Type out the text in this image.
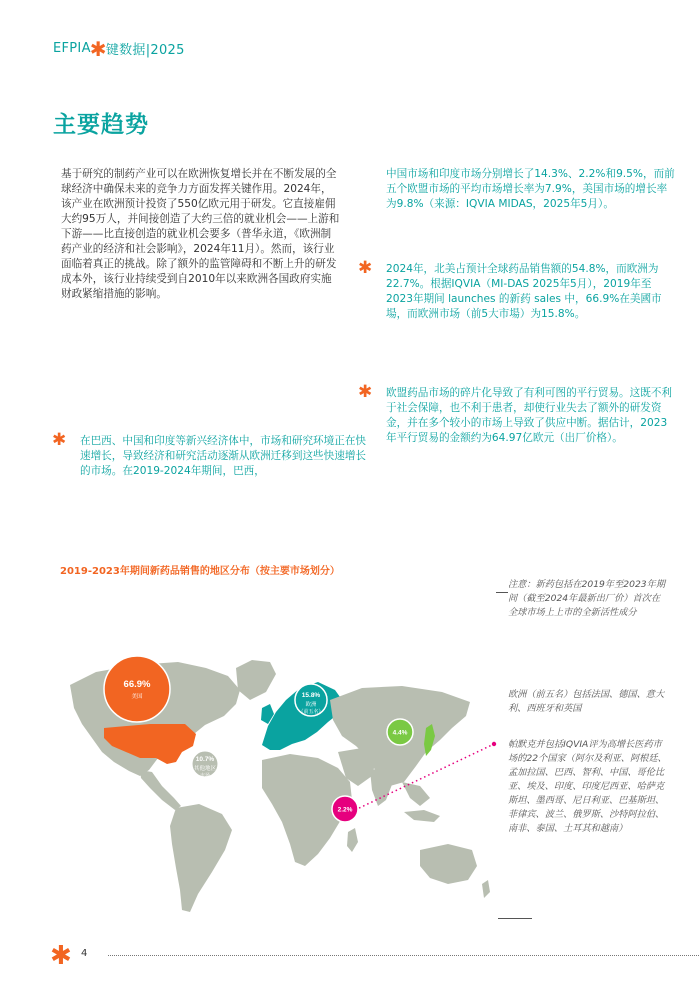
EFPIA ✱ 键数据|2025
主要趋势
基于研究的制药产业可以在欧洲恢复增长并在不断发展的全球经济中确保未来的竞争力方面发挥关键作用。2024年，该产业在欧洲预计投资了550亿欧元用于研发。它直接雇佣大约95万人，并间接创造了大约三倍的就业机会——上游和下游——比直接创造的就业机会要多（普华永道，《欧洲制药产业的经济和社会影响》，2024年11月）。然而，该行业面临着真正的挑战。除了额外的监管障碍和不断上升的研发成本外，该行业持续受到自2010年以来欧洲各国政府实施财政紧缩措施的影响。
✱ 在巴西、中国和印度等新兴经济体中，市场和研究环境正在快速增长，导致经济和研究活动逐渐从欧洲迁移到这些快速增长的市场。在2019-2024年期间，巴西，
中国市场和印度市场分别增长了14.3%、2.2%和9.5%，而前五个欧盟市场的平均市场增长率为7.9%，美国市场的增长率为9.8%（来源：IQVIA MIDAS，2025年5月）。
✱ 2024年，北美占预计全球药品销售额的54.8%，而欧洲为22.7%。根据IQVIA（MI-DAS 2025年5月），2019年至2023年期间 launches 的新药 sales 中，66.9%在美國市場，而欧洲市场（前5大市場）为15.8%。
✱ 欧盟药品市场的碎片化导致了有利可图的平行贸易。这既不利于社会保障，也不利于患者，却使行业失去了额外的研发资金，并在多个较小的市场上导致了供应中断。据估计，2023年平行贸易的金额约为64.97亿欧元（出厂价格）。
2019-2023年期间新药品销售的地区分布（按主要市场划分）
66.9%
美国	15.8%
欧洲
（前五名）
10.7%
其他地区
市场
4.4%
2.2%
注意：新药包括在2019年至2023年期间（截至2024年最新出厂价）首次在全球市场上上市的全新活性成分
欧洲（前五名）包括法国、德国、意大利、西班牙和英国
帕默克并包括IQVIA评为高增长医药市场的22个国家（阿尔及利亚、阿根廷、孟加拉国、巴西、智利、中国、哥伦比亚、埃及、印度、印度尼西亚、哈萨克斯坦、墨西哥、尼日利亚、巴基斯坦、菲律宾、波兰、俄罗斯、沙特阿拉伯、南非、泰国、土耳其和越南）
✱ 4
